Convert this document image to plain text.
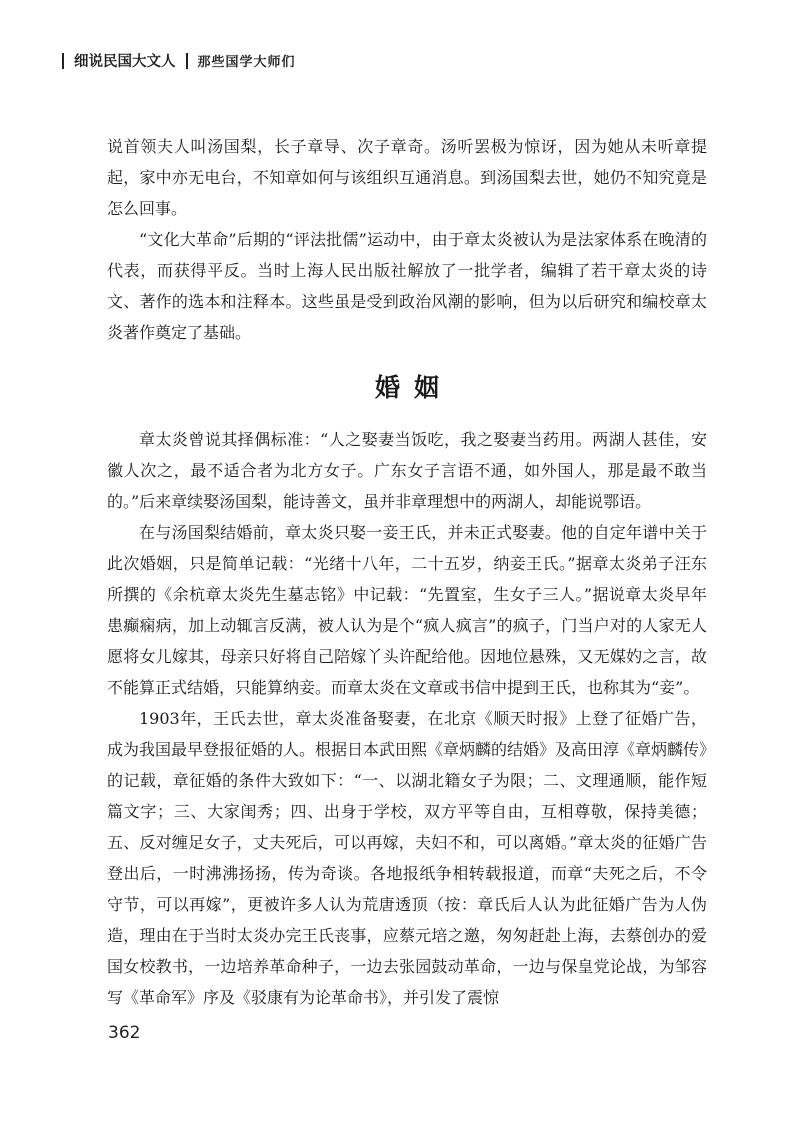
细说民国大文人 那些国学大师们

说首领夫人叫汤国梨，长子章导、次子章奇。汤听罢极为惊讶，因为她从未听章提起，家中亦无电台，不知章如何与该组织互通消息。到汤国梨去世，她仍不知究竟是怎么回事。

“文化大革命”后期的“评法批儒”运动中，由于章太炎被认为是法家体系在晚清的代表，而获得平反。当时上海人民出版社解放了一批学者，编辑了若干章太炎的诗文、著作的选本和注释本。这些虽是受到政治风潮的影响，但为以后研究和编校章太炎著作奠定了基础。

婚姻

章太炎曾说其择偶标准：“人之娶妻当饭吃，我之娶妻当药用。两湖人甚佳，安徽人次之，最不适合者为北方女子。广东女子言语不通，如外国人，那是最不敢当的。”后来章续娶汤国梨，能诗善文，虽并非章理想中的两湖人，却能说鄂语。

在与汤国梨结婚前，章太炎只娶一妾王氏，并未正式娶妻。他的自定年谱中关于此次婚姻，只是简单记载：“光绪十八年，二十五岁，纳妾王氏。”据章太炎弟子汪东所撰的《余杭章太炎先生墓志铭》中记载：“先置室，生女子三人。”据说章太炎早年患癫痫病，加上动辄言反满，被人认为是个“疯人疯言”的疯子，门当户对的人家无人愿将女儿嫁其，母亲只好将自己陪嫁丫头许配给他。因地位悬殊，又无媒妁之言，故不能算正式结婚，只能算纳妾。而章太炎在文章或书信中提到王氏，也称其为“妾”。

1903年，王氏去世，章太炎准备娶妻，在北京《顺天时报》上登了征婚广告，成为我国最早登报征婚的人。根据日本武田熙《章炳麟的结婚》及高田淳《章炳麟传》的记载，章征婚的条件大致如下：“一、以湖北籍女子为限；二、文理通顺，能作短篇文字；三、大家闺秀；四、出身于学校，双方平等自由，互相尊敬，保持美德；五、反对缠足女子，丈夫死后，可以再嫁，夫妇不和，可以离婚。”章太炎的征婚广告登出后，一时沸沸扬扬，传为奇谈。各地报纸争相转载报道，而章“夫死之后，不令守节，可以再嫁”，更被许多人认为荒唐透顶（按：章氏后人认为此征婚广告为人伪造，理由在于当时太炎办完王氏丧事，应蔡元培之邀，匆匆赶赴上海，去蔡创办的爱国女校教书，一边培养革命种子，一边去张园鼓动革命，一边与保皇党论战，为邹容写《革命军》序及《驳康有为论革命书》，并引发了震惊

362
